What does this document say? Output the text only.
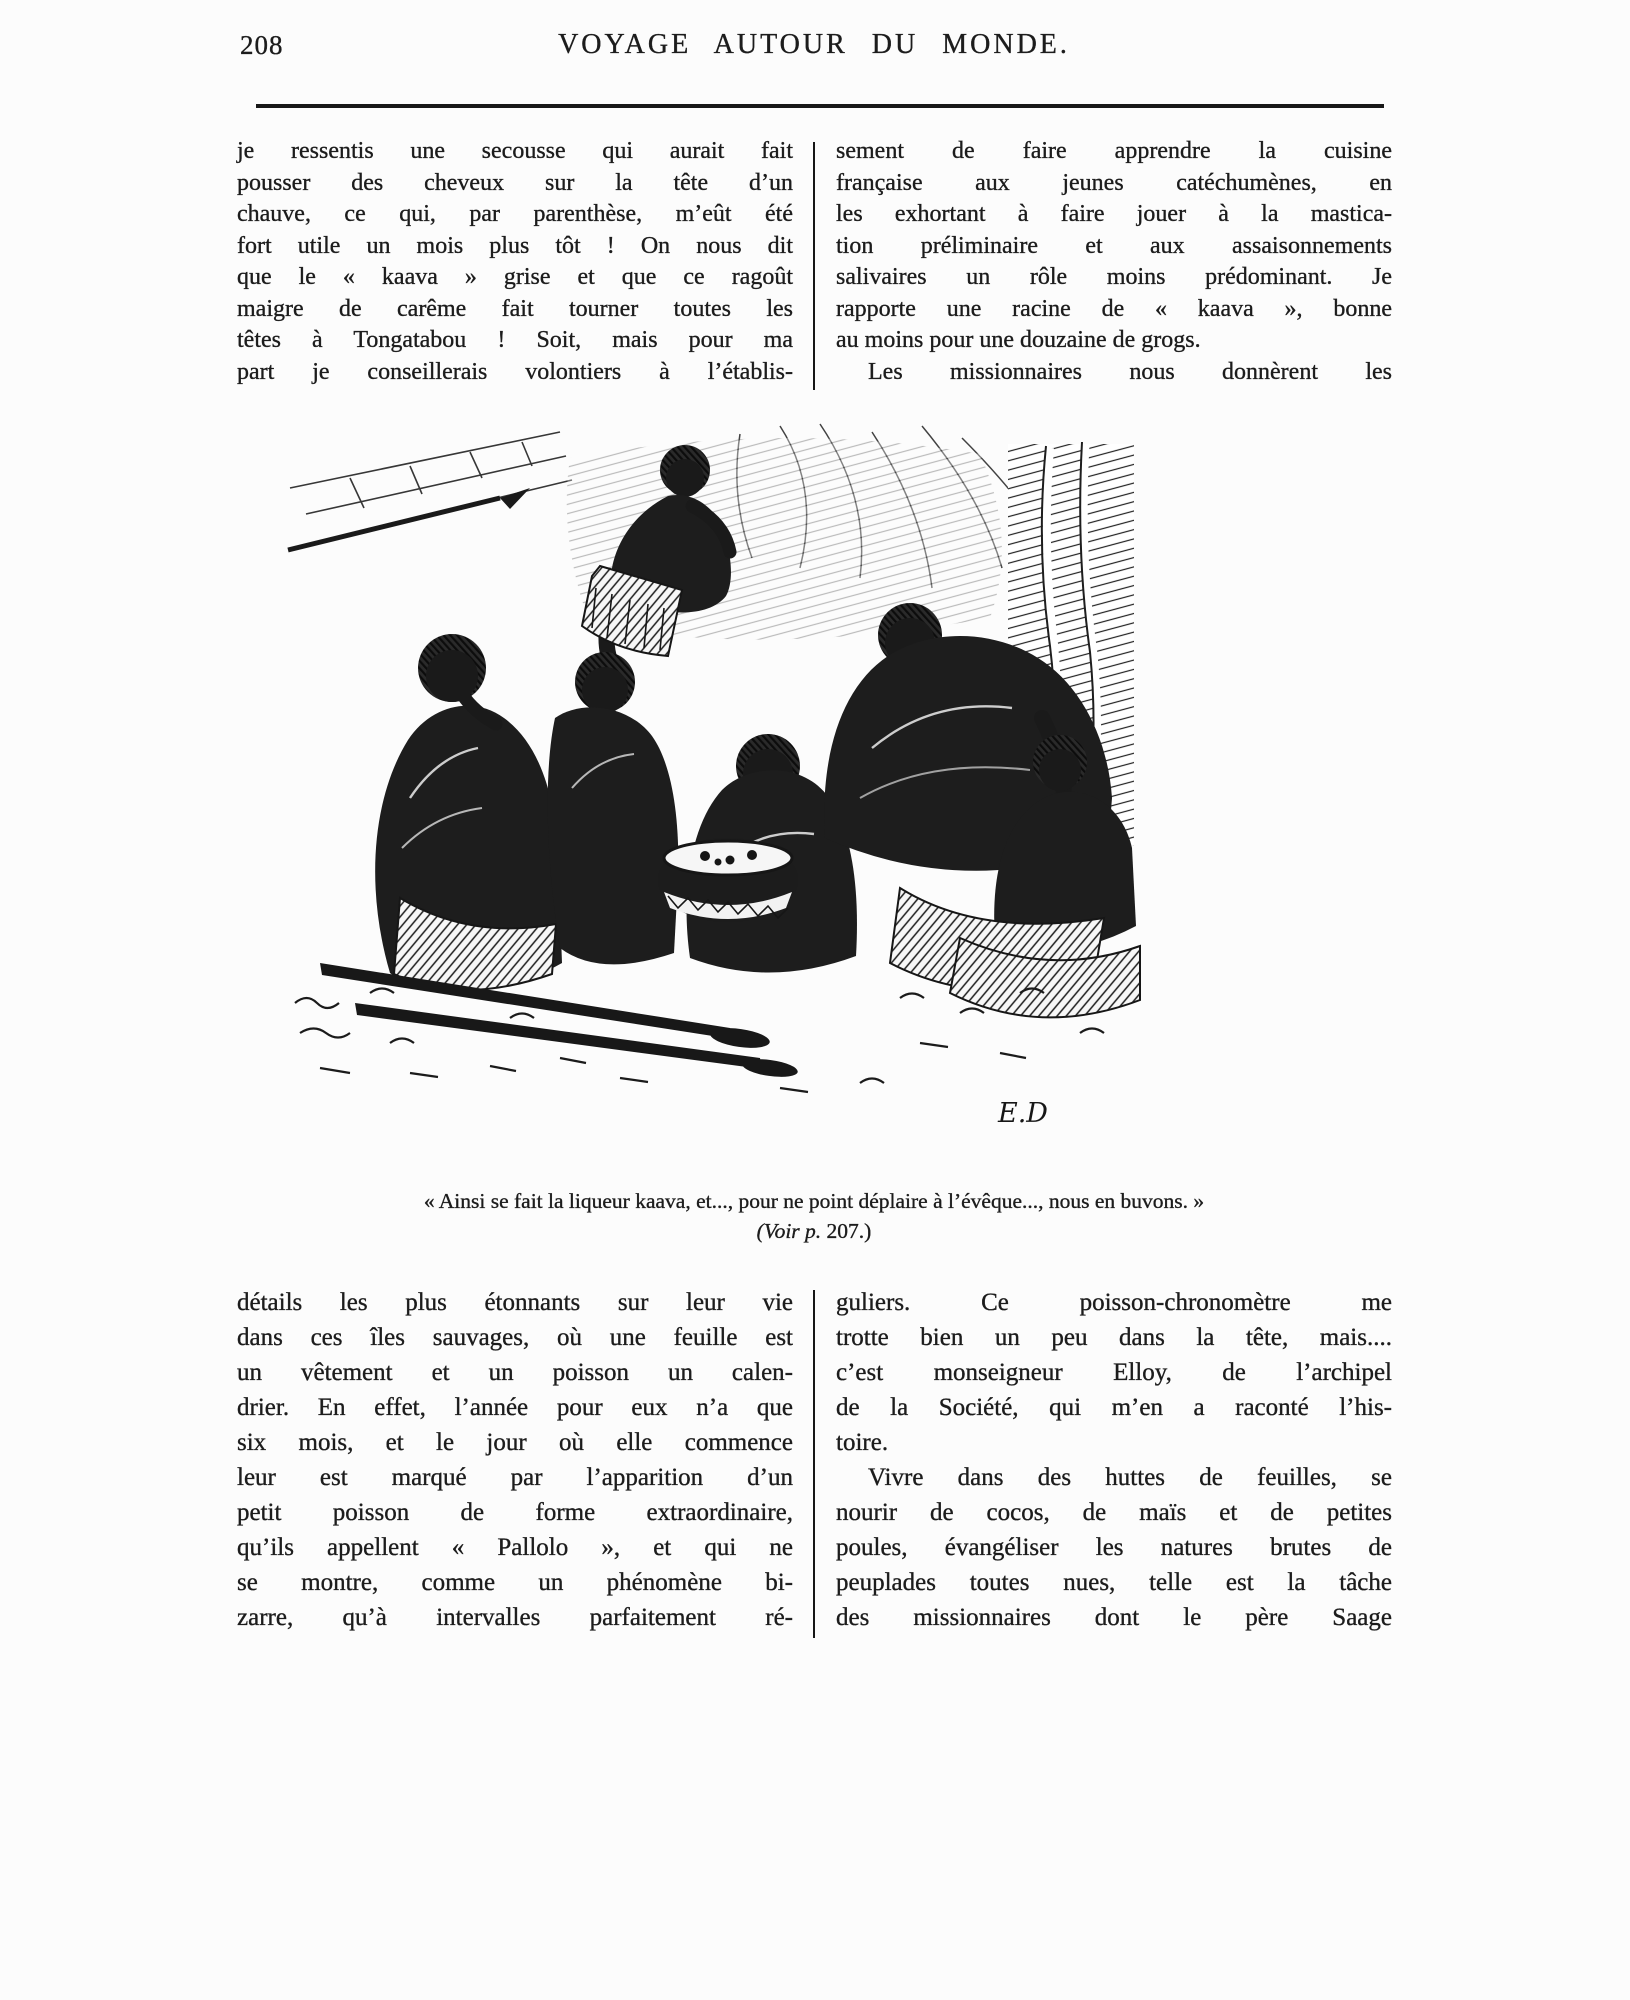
208	VOYAGE AUTOUR DU MONDE.
je ressentis une secousse qui aurait fait
pousser des cheveux sur la tête d’un
chauve, ce qui, par parenthèse, m’eût été
fort utile un mois plus tôt ! On nous dit
que le « kaava » grise et que ce ragoût
maigre de carême fait tourner toutes les
têtes à Tongatabou ! Soit, mais pour ma
part je conseillerais volontiers à l’établis-
sement de faire apprendre la cuisine
française aux jeunes catéchumènes, en
les exhortant à faire jouer à la mastica-
tion préliminaire et aux assaisonnements
salivaires un rôle moins prédominant. Je
rapporte une racine de « kaava », bonne
au moins pour une douzaine de grogs.
Les missionnaires nous donnèrent les
E.D
« Ainsi se fait la liqueur kaava, et..., pour ne point déplaire à l’évêque..., nous en buvons. »
(Voir p. 207.)
détails les plus étonnants sur leur vie
dans ces îles sauvages, où une feuille est
un vêtement et un poisson un calen-
drier. En effet, l’année pour eux n’a que
six mois, et le jour où elle commence
leur est marqué par l’apparition d’un
petit poisson de forme extraordinaire,
qu’ils appellent « Pallolo », et qui ne
se montre, comme un phénomène bi-
zarre, qu’à intervalles parfaitement ré-
guliers. Ce poisson-chronomètre me
trotte bien un peu dans la tête, mais....
c’est monseigneur Elloy, de l’archipel
de la Société, qui m’en a raconté l’his-
toire.
Vivre dans des huttes de feuilles, se
nourir de cocos, de maïs et de petites
poules, évangéliser les natures brutes de
peuplades toutes nues, telle est la tâche
des missionnaires dont le père Saage
